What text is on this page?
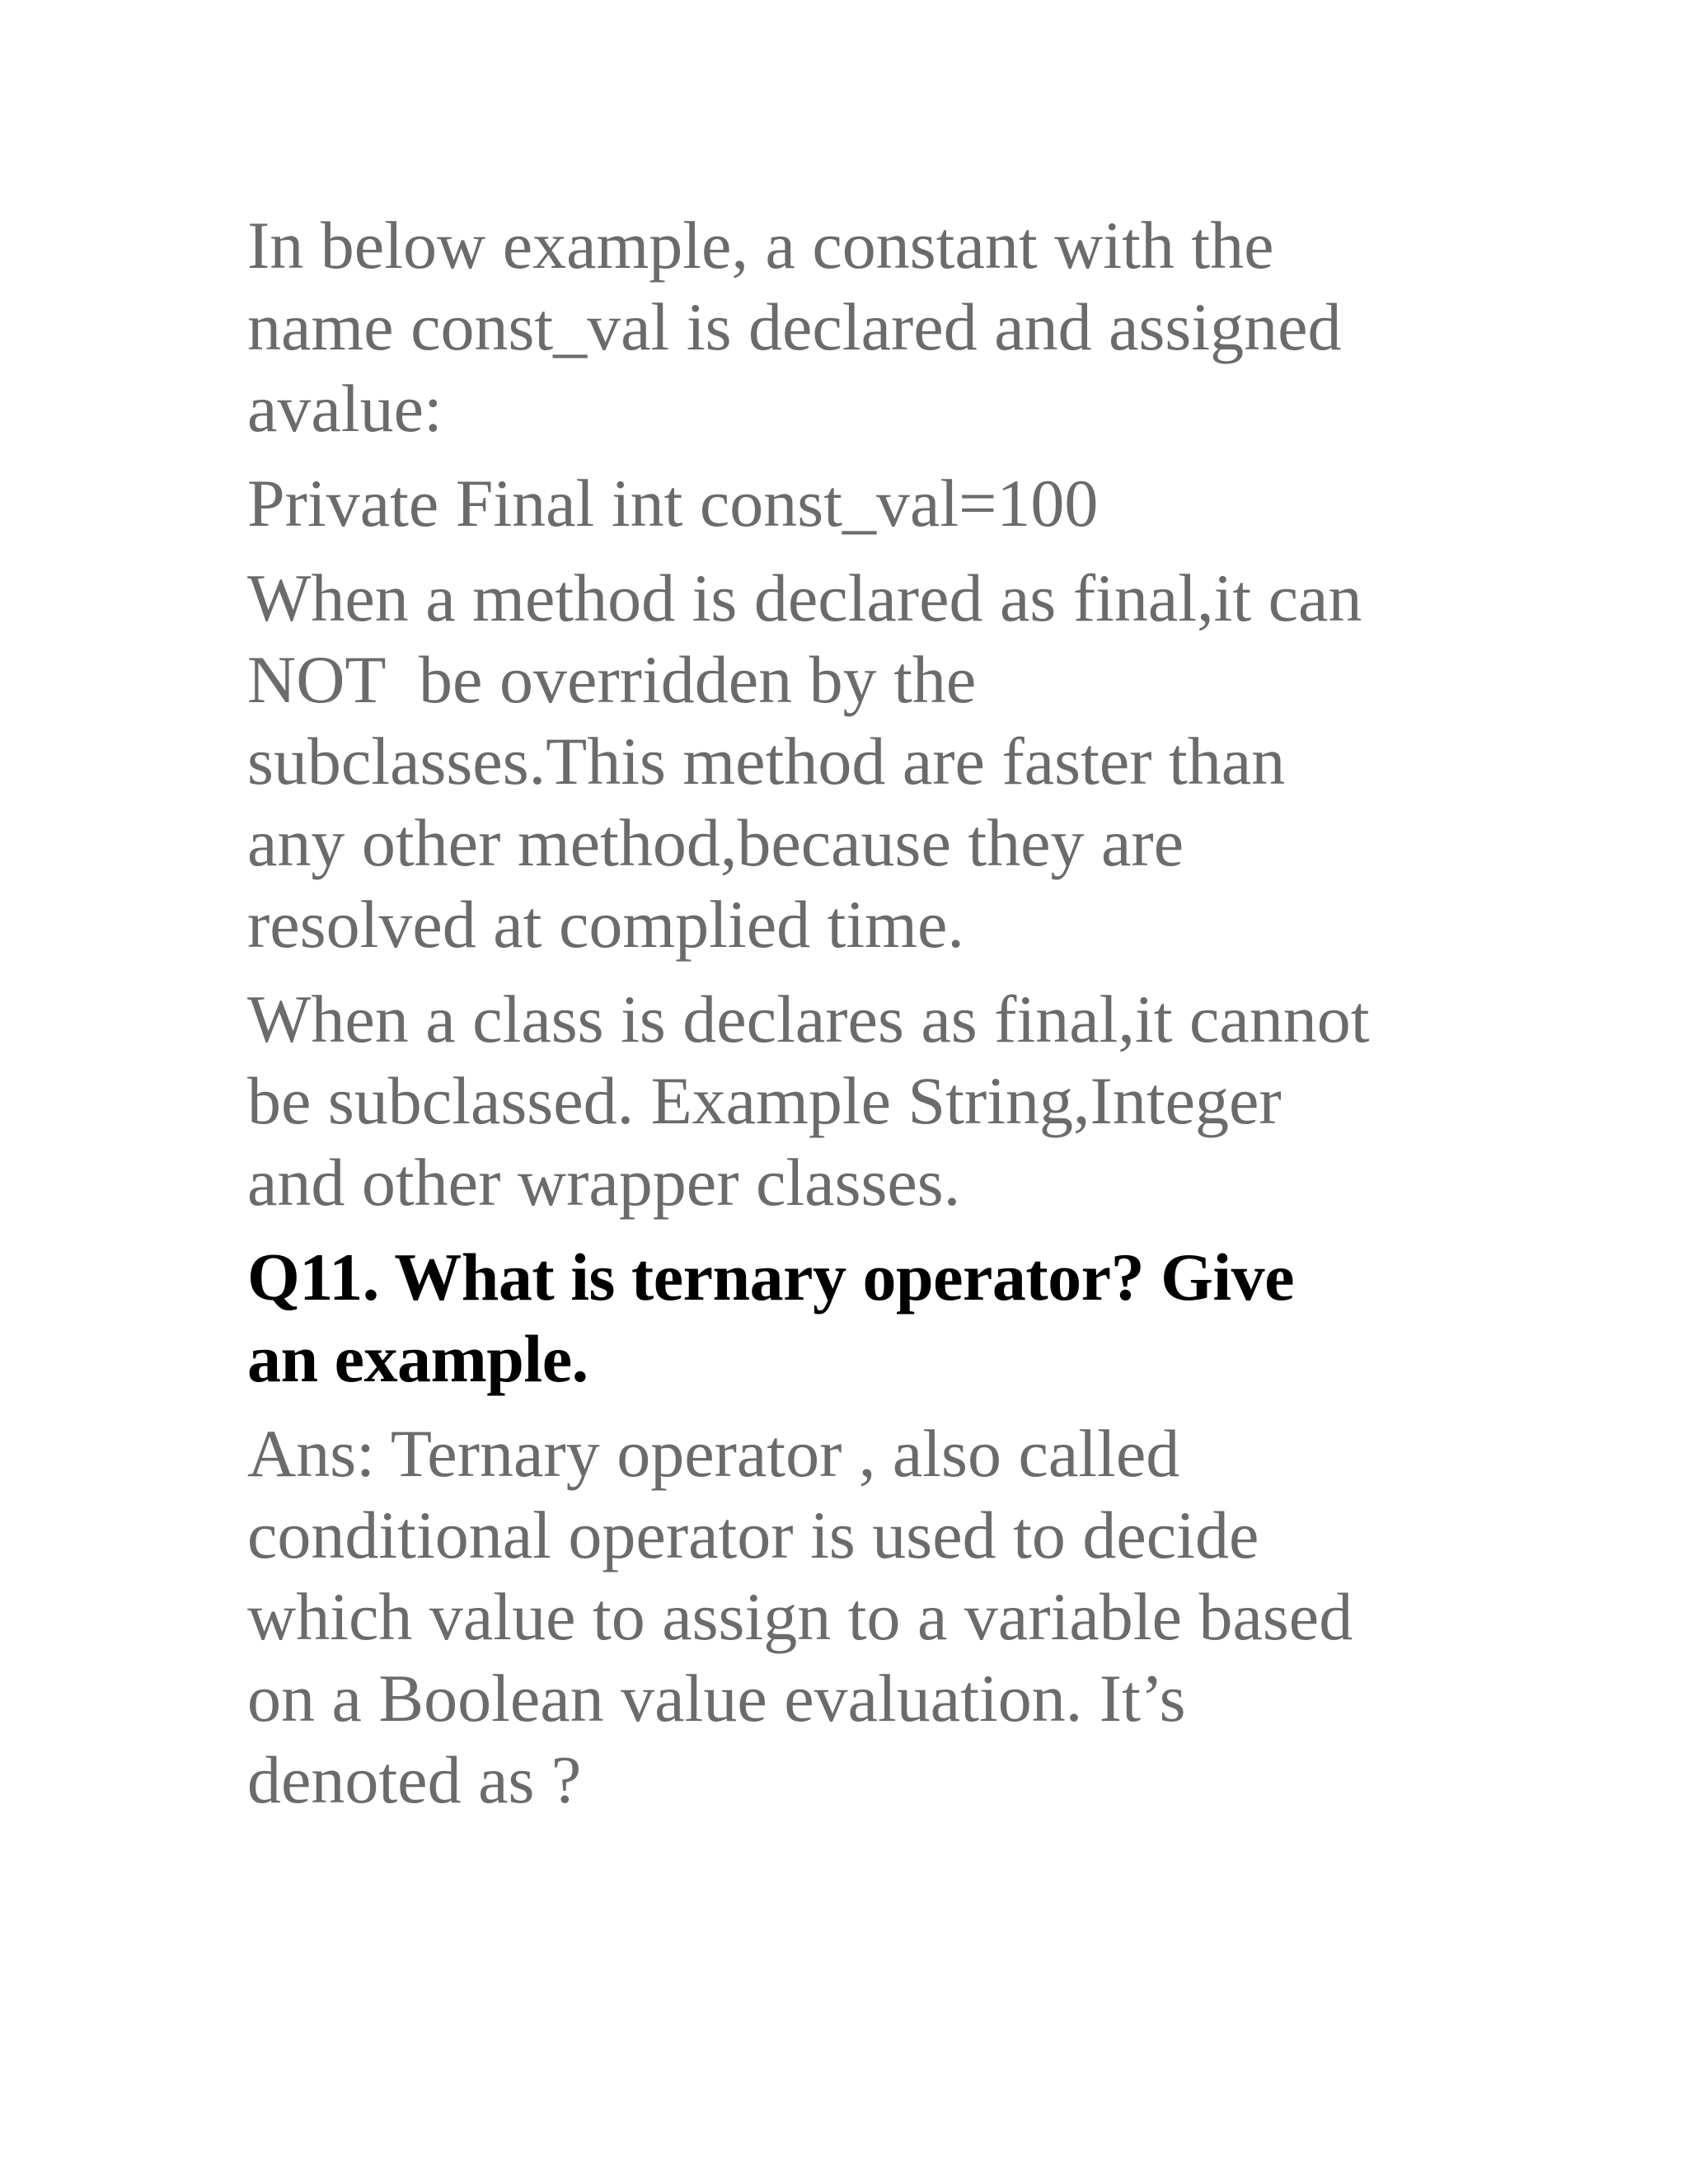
In below example, a constant with the
name const_val is declared and assigned
avalue:

Private Final int const_val=100

When a method is declared as final,it can
NOT  be overridden by the
subclasses.This method are faster than
any other method,because they are
resolved at complied time.

When a class is declares as final,it cannot
be subclassed. Example String,Integer
and other wrapper classes.

Q11. What is ternary operator? Give
an example.

Ans: Ternary operator , also called
conditional operator is used to decide
which value to assign to a variable based
on a Boolean value evaluation. It’s
denoted as ?
